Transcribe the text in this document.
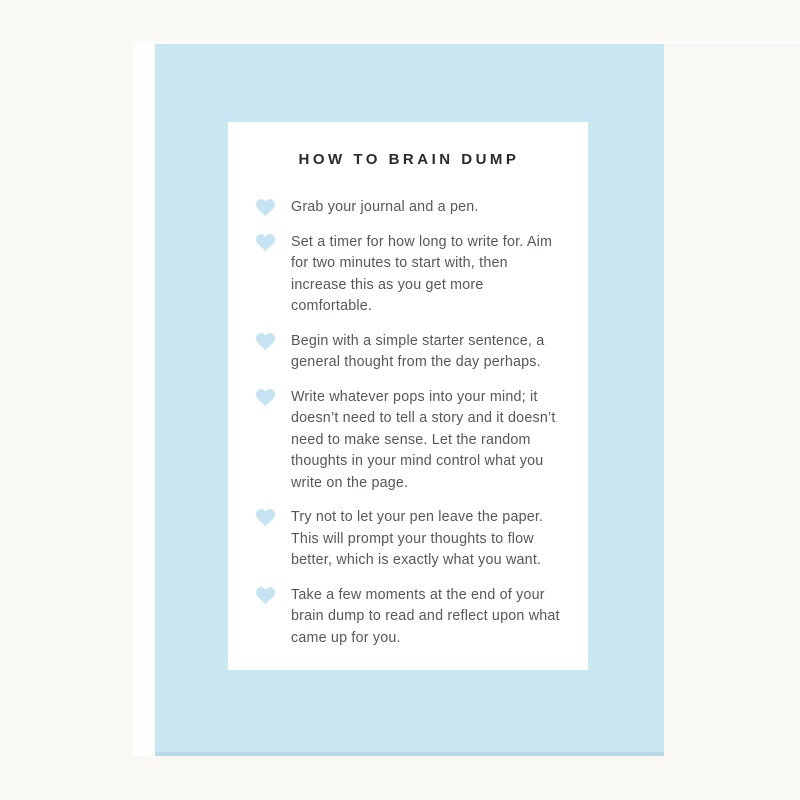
HOW TO BRAIN DUMP
Grab your journal and a pen.
Set a timer for how long to write for. Aim for two minutes to start with, then increase this as you get more comfortable.
Begin with a simple starter sentence, a general thought from the day perhaps.
Write whatever pops into your mind; it doesn’t need to tell a story and it doesn’t need to make sense. Let the random thoughts in your mind control what you write on the page.
Try not to let your pen leave the paper. This will prompt your thoughts to flow better, which is exactly what you want.
Take a few moments at the end of your brain dump to read and reflect upon what came up for you.
